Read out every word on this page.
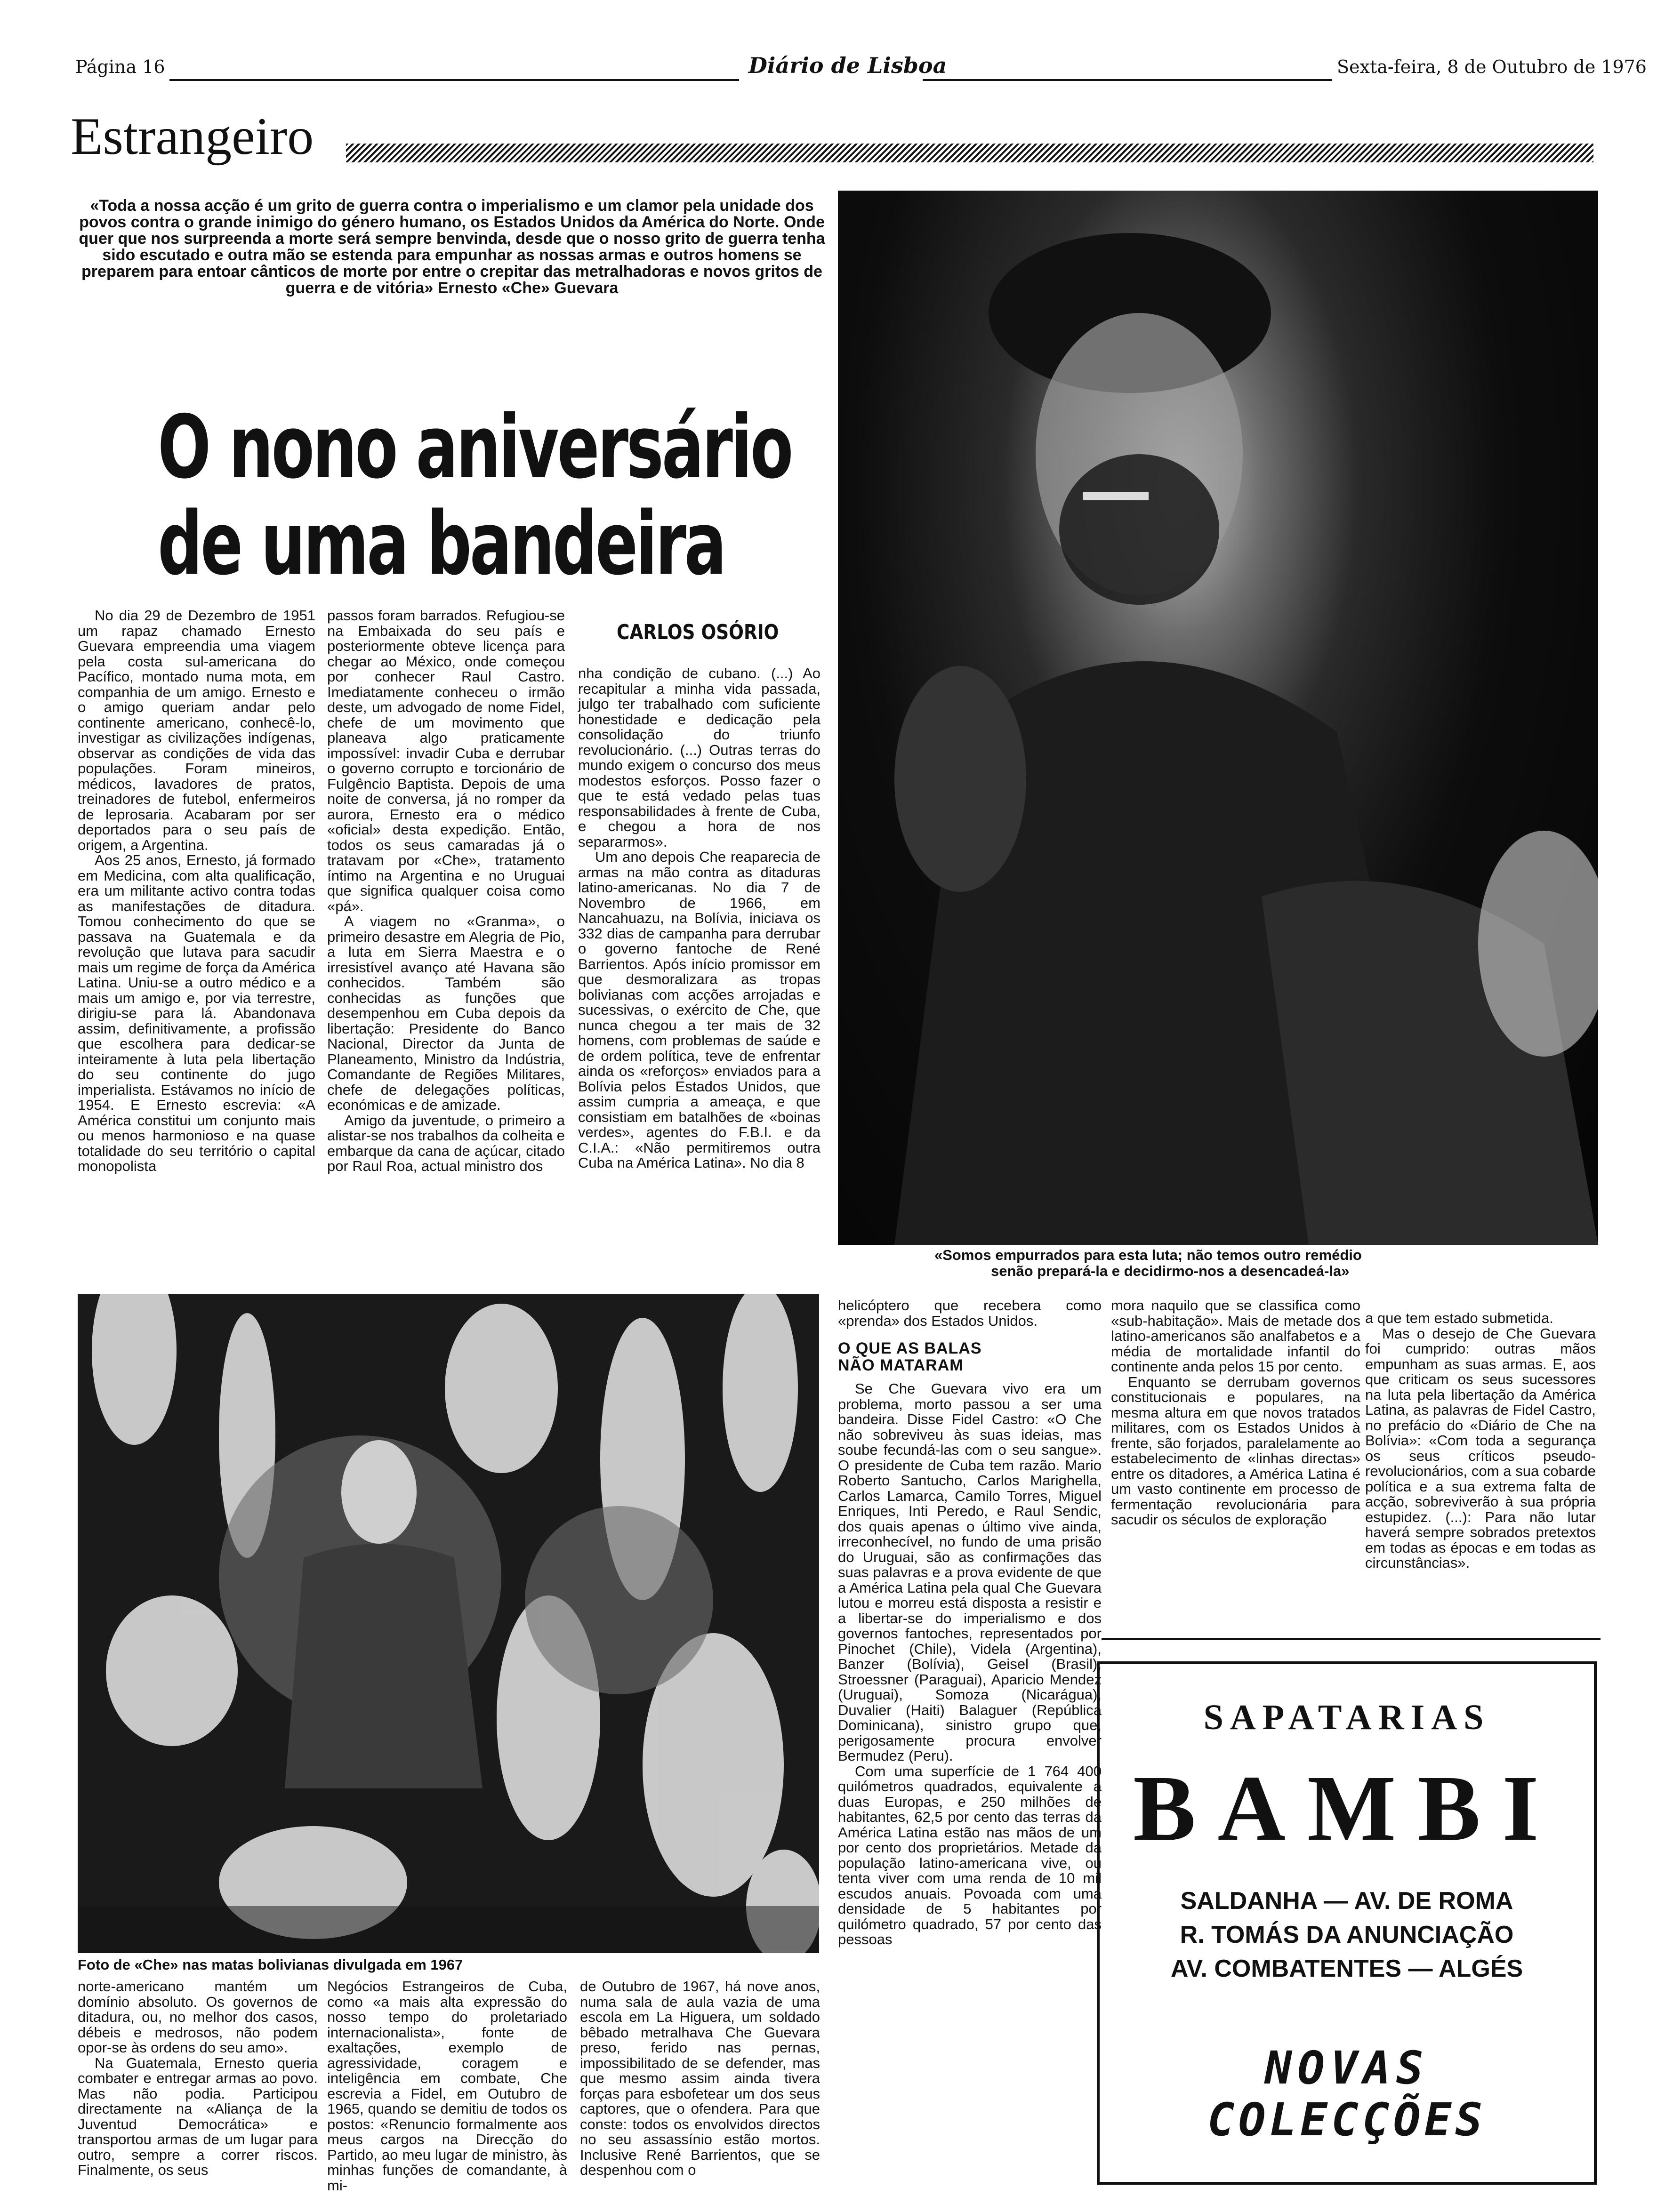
Página 16	Diário de Lisboa	Sexta-feira, 8 de Outubro de 1976
Estrangeiro
«Toda a nossa acção é um grito de guerra contra o imperialismo e um clamor pela unidade dos povos contra o grande inimigo do género humano, os Estados Unidos da América do Norte. Onde quer que nos surpreenda a morte será sempre benvinda, desde que o nosso grito de guerra tenha sido escutado e outra mão se estenda para empunhar as nossas armas e outros homens se preparem para entoar cânticos de morte por entre o crepitar das metralhadoras e novos gritos de guerra e de vitória» Ernesto «Che» Guevara
O nono aniversário
de uma bandeira
CARLOS OSÓRIO

No dia 29 de Dezembro de 1951 um rapaz chamado Ernesto Guevara empreendia uma viagem pela costa sul-americana do Pacífico, montado numa mota, em companhia de um amigo. Ernesto e o amigo queriam andar pelo continente americano, conhecê-lo, investigar as civilizações indígenas, observar as condições de vida das populações. Foram mineiros, médicos, lavadores de pratos, treinadores de futebol, enfermeiros de leprosaria. Acabaram por ser deportados para o seu país de origem, a Argentina.

Aos 25 anos, Ernesto, já formado em Medicina, com alta qualificação, era um militante activo contra todas as manifestações de ditadura. Tomou conhecimento do que se passava na Guatemala e da revolução que lutava para sacudir mais um regime de força da América Latina. Uniu-se a outro médico e a mais um amigo e, por via terrestre, dirigiu-se para lá. Abandonava assim, definitivamente, a profissão que escolhera para dedicar-se inteiramente à luta pela libertação do seu continente do jugo imperialista. Estávamos no início de 1954. E Ernesto escrevia: «A América constitui um conjunto mais ou menos harmonioso e na quase totalidade do seu território o capital monopolista

passos foram barrados. Refugiou-se na Embaixada do seu país e posteriormente obteve licença para chegar ao México, onde começou por conhecer Raul Castro. Imediatamente conheceu o irmão deste, um advogado de nome Fidel, chefe de um movimento que planeava algo praticamente impossível: invadir Cuba e derrubar o governo corrupto e torcionário de Fulgêncio Baptista. Depois de uma noite de conversa, já no romper da aurora, Ernesto era o médico «oficial» desta expedição. Então, todos os seus camaradas já o tratavam por «Che», tratamento íntimo na Argentina e no Uruguai que significa qualquer coisa como «pá».

A viagem no «Granma», o primeiro desastre em Alegria de Pio, a luta em Sierra Maestra e o irresistível avanço até Havana são conhecidos. Também são conhecidas as funções que desempenhou em Cuba depois da libertação: Presidente do Banco Nacional, Director da Junta de Planeamento, Ministro da Indústria, Comandante de Regiões Militares, chefe de delegações políticas, económicas e de amizade.

Amigo da juventude, o primeiro a alistar-se nos trabalhos da colheita e embarque da cana de açúcar, citado por Raul Roa, actual ministro dos

nha condição de cubano. (...) Ao recapitular a minha vida passada, julgo ter trabalhado com suficiente honestidade e dedicação pela consolidação do triunfo revolucionário. (...) Outras terras do mundo exigem o concurso dos meus modestos esforços. Posso fazer o que te está vedado pelas tuas responsabilidades à frente de Cuba, e chegou a hora de nos separarmos».

Um ano depois Che reaparecia de armas na mão contra as ditaduras latino-americanas. No dia 7 de Novembro de 1966, em Nancahuazu, na Bolívia, iniciava os 332 dias de campanha para derrubar o governo fantoche de René Barrientos. Após início promissor em que desmoralizara as tropas bolivianas com acções arrojadas e sucessivas, o exército de Che, que nunca chegou a ter mais de 32 homens, com problemas de saúde e de ordem política, teve de enfrentar ainda os «reforços» enviados para a Bolívia pelos Estados Unidos, que assim cumpria a ameaça, e que consistiam em batalhões de «boinas verdes», agentes do F.B.I. e da C.I.A.: «Não permitiremos outra Cuba na América Latina». No dia 8

«Somos empurrados para esta luta; não temos outro remédio
senão prepará-la e decidirmo-nos a desencadeá-la»
Foto de «Che» nas matas bolivianas divulgada em 1967

norte-americano mantém um domínio absoluto. Os governos de ditadura, ou, no melhor dos casos, débeis e medrosos, não podem opor-se às ordens do seu amo».

Na Guatemala, Ernesto queria combater e entregar armas ao povo. Mas não podia. Participou directamente na «Aliança de la Juventud Democrática» e transportou armas de um lugar para outro, sempre a correr riscos. Finalmente, os seus

Negócios Estrangeiros de Cuba, como «a mais alta expressão do nosso tempo do proletariado internacionalista», fonte de exaltações, exemplo de agressividade, coragem e inteligência em combate, Che escrevia a Fidel, em Outubro de 1965, quando se demitiu de todos os postos: «Renuncio formalmente aos meus cargos na Direcção do Partido, ao meu lugar de ministro, às minhas funções de comandante, à mi-

de Outubro de 1967, há nove anos, numa sala de aula vazia de uma escola em La Higuera, um soldado bêbado metralhava Che Guevara preso, ferido nas pernas, impossibilitado de se defender, mas que mesmo assim ainda tivera forças para esbofetear um dos seus captores, que o ofendera. Para que conste: todos os envolvidos directos no seu assassínio estão mortos. Inclusive René Barrientos, que se despenhou com o

helicóptero que recebera como «prenda» dos Estados Unidos.

O QUE AS BALAS
NÃO MATARAM

Se Che Guevara vivo era um problema, morto passou a ser uma bandeira. Disse Fidel Castro: «O Che não sobreviveu às suas ideias, mas soube fecundá-las com o seu sangue». O presidente de Cuba tem razão. Mario Roberto Santucho, Carlos Marighella, Carlos Lamarca, Camilo Torres, Miguel Enriques, Inti Peredo, e Raul Sendic, dos quais apenas o último vive ainda, irreconhecível, no fundo de uma prisão do Uruguai, são as confirmações das suas palavras e a prova evidente de que a América Latina pela qual Che Guevara lutou e morreu está disposta a resistir e a libertar-se do imperialismo e dos governos fantoches, representados por Pinochet (Chile), Videla (Argentina), Banzer (Bolívia), Geisel (Brasil), Stroessner (Paraguai), Aparicio Mendez (Uruguai), Somoza (Nicarágua), Duvalier (Haiti) Balaguer (República Dominicana), sinistro grupo que, perigosamente procura envolver Bermudez (Peru).

Com uma superfície de 1 764 400 quilómetros quadrados, equivalente a duas Europas, e 250 milhões de habitantes, 62,5 por cento das terras da América Latina estão nas mãos de um por cento dos proprietários. Metade da população latino-americana vive, ou tenta viver com uma renda de 10 mil escudos anuais. Povoada com uma densidade de 5 habitantes por quilómetro quadrado, 57 por cento das pessoas

mora naquilo que se classifica como «sub-habitação». Mais de metade dos latino-americanos são analfabetos e a média de mortalidade infantil do continente anda pelos 15 por cento.

Enquanto se derrubam governos constitucionais e populares, na mesma altura em que novos tratados militares, com os Estados Unidos à frente, são forjados, paralelamente ao estabelecimento de «linhas directas» entre os ditadores, a América Latina é um vasto continente em processo de fermentação revolucionária para sacudir os séculos de exploração

a que tem estado submetida.

Mas o desejo de Che Guevara foi cumprido: outras mãos empunham as suas armas. E, aos que criticam os seus sucessores na luta pela libertação da América Latina, as palavras de Fidel Castro, no prefácio do «Diário de Che na Bolívia»: «Com toda a segurança os seus críticos pseudo-revolucionários, com a sua cobarde política e a sua extrema falta de acção, sobreviverão à sua própria estupidez. (...): Para não lutar haverá sempre sobrados pretextos em todas as épocas e em todas as circunstâncias».

SAPATARIAS
BAMBI
SALDANHA — AV. DE ROMA
R. TOMÁS DA ANUNCIAÇÃO
AV. COMBATENTES — ALGÉS
NOVAS
COLECÇÕES
